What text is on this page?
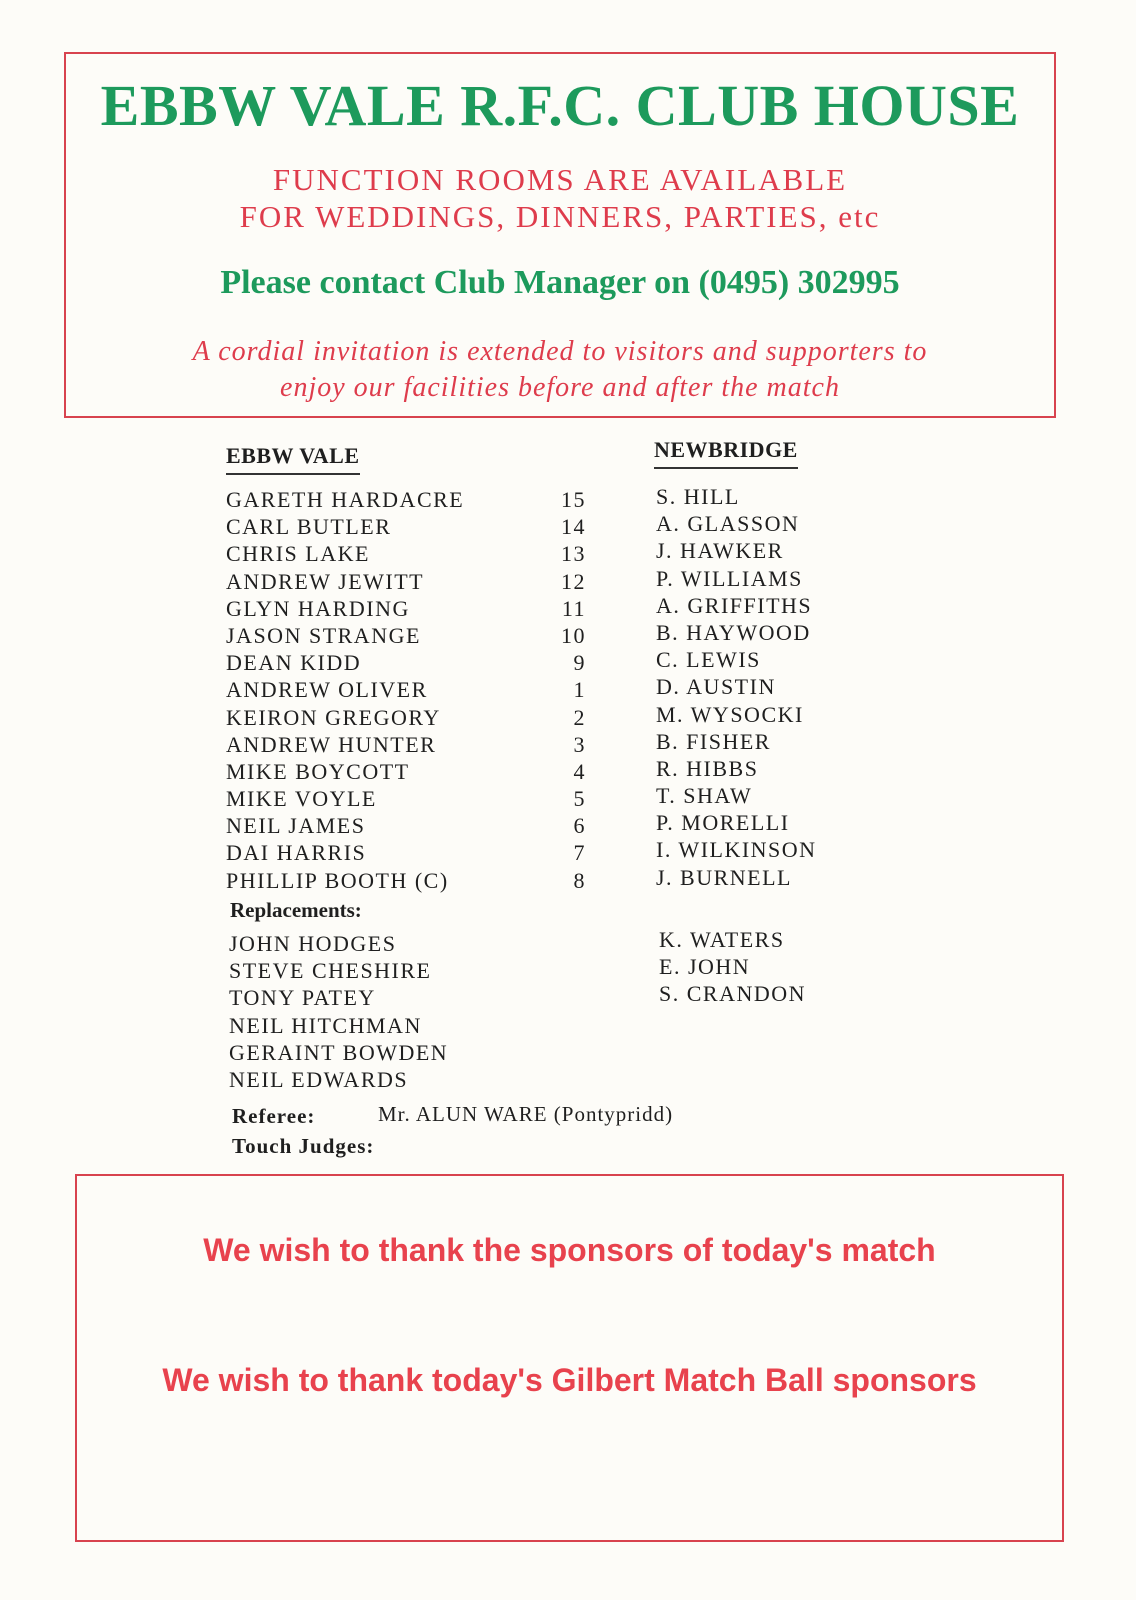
EBBW VALE R.F.C. CLUB HOUSE
FUNCTION ROOMS ARE AVAILABLE
FOR WEDDINGS, DINNERS, PARTIES, etc
Please contact Club Manager on (0495) 302995
A cordial invitation is extended to visitors and supporters to
enjoy our facilities before and after the match
EBBW VALE	NEWBRIDGE
GARETH HARDACRE
CARL BUTLER
CHRIS LAKE
ANDREW JEWITT
GLYN HARDING
JASON STRANGE
DEAN KIDD
ANDREW OLIVER
KEIRON GREGORY
ANDREW HUNTER
MIKE BOYCOTT
MIKE VOYLE
NEIL JAMES
DAI HARRIS
PHILLIP BOOTH (C)
15
14
13
12
11
10
9
1
2
3
4
5
6
7
8
S. HILL
A. GLASSON
J. HAWKER
P. WILLIAMS
A. GRIFFITHS
B. HAYWOOD
C. LEWIS
D. AUSTIN
M. WYSOCKI
B. FISHER
R. HIBBS
T. SHAW
P. MORELLI
I. WILKINSON
J. BURNELL
Replacements:
JOHN HODGES
STEVE CHESHIRE
TONY PATEY
NEIL HITCHMAN
GERAINT BOWDEN
NEIL EDWARDS
K. WATERS
E. JOHN
S. CRANDON
Referee:	Mr. ALUN WARE (Pontypridd)
Touch Judges:
We wish to thank the sponsors of today's match
We wish to thank today's Gilbert Match Ball sponsors
